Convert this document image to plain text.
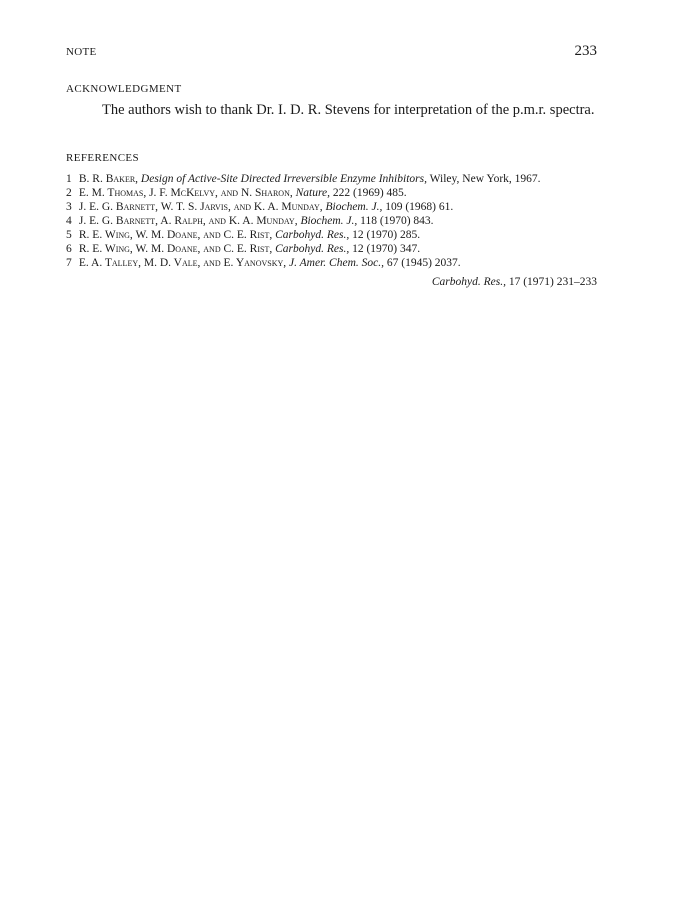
NOTE	233
ACKNOWLEDGMENT

The authors wish to thank Dr. I. D. R. Stevens for interpretation of the p.m.r. spectra.

REFERENCES
1 B. R. Baker, Design of Active-Site Directed Irreversible Enzyme Inhibitors, Wiley, New York, 1967.
2 E. M. Thomas, J. F. McKelvy, and N. Sharon, Nature, 222 (1969) 485.
3 J. E. G. Barnett, W. T. S. Jarvis, and K. A. Munday, Biochem. J., 109 (1968) 61.
4 J. E. G. Barnett, A. Ralph, and K. A. Munday, Biochem. J., 118 (1970) 843.
5 R. E. Wing, W. M. Doane, and C. E. Rist, Carbohyd. Res., 12 (1970) 285.
6 R. E. Wing, W. M. Doane, and C. E. Rist, Carbohyd. Res., 12 (1970) 347.
7 E. A. Talley, M. D. Vale, and E. Yanovsky, J. Amer. Chem. Soc., 67 (1945) 2037.
Carbohyd. Res., 17 (1971) 231–233
